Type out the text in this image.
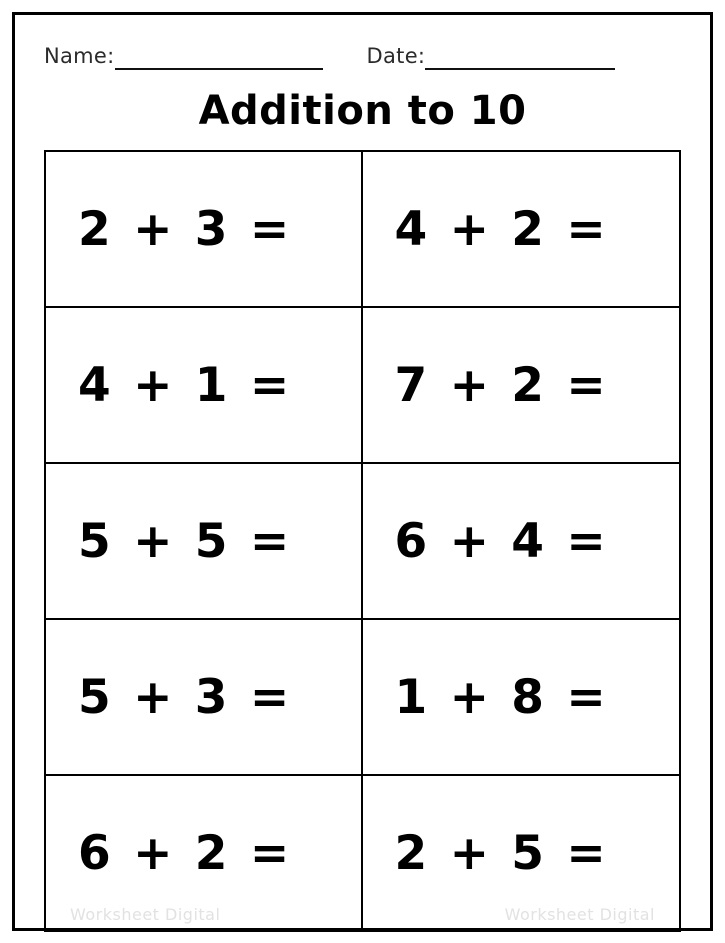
Name:	Date:
Addition to 10
2 + 3 = 4 + 2 =
4 + 1 = 7 + 2 =
5 + 5 = 6 + 4 =
5 + 3 = 1 + 8 =
6 + 2 =
Worksheet Digital
2 + 5 =
Worksheet Digital
